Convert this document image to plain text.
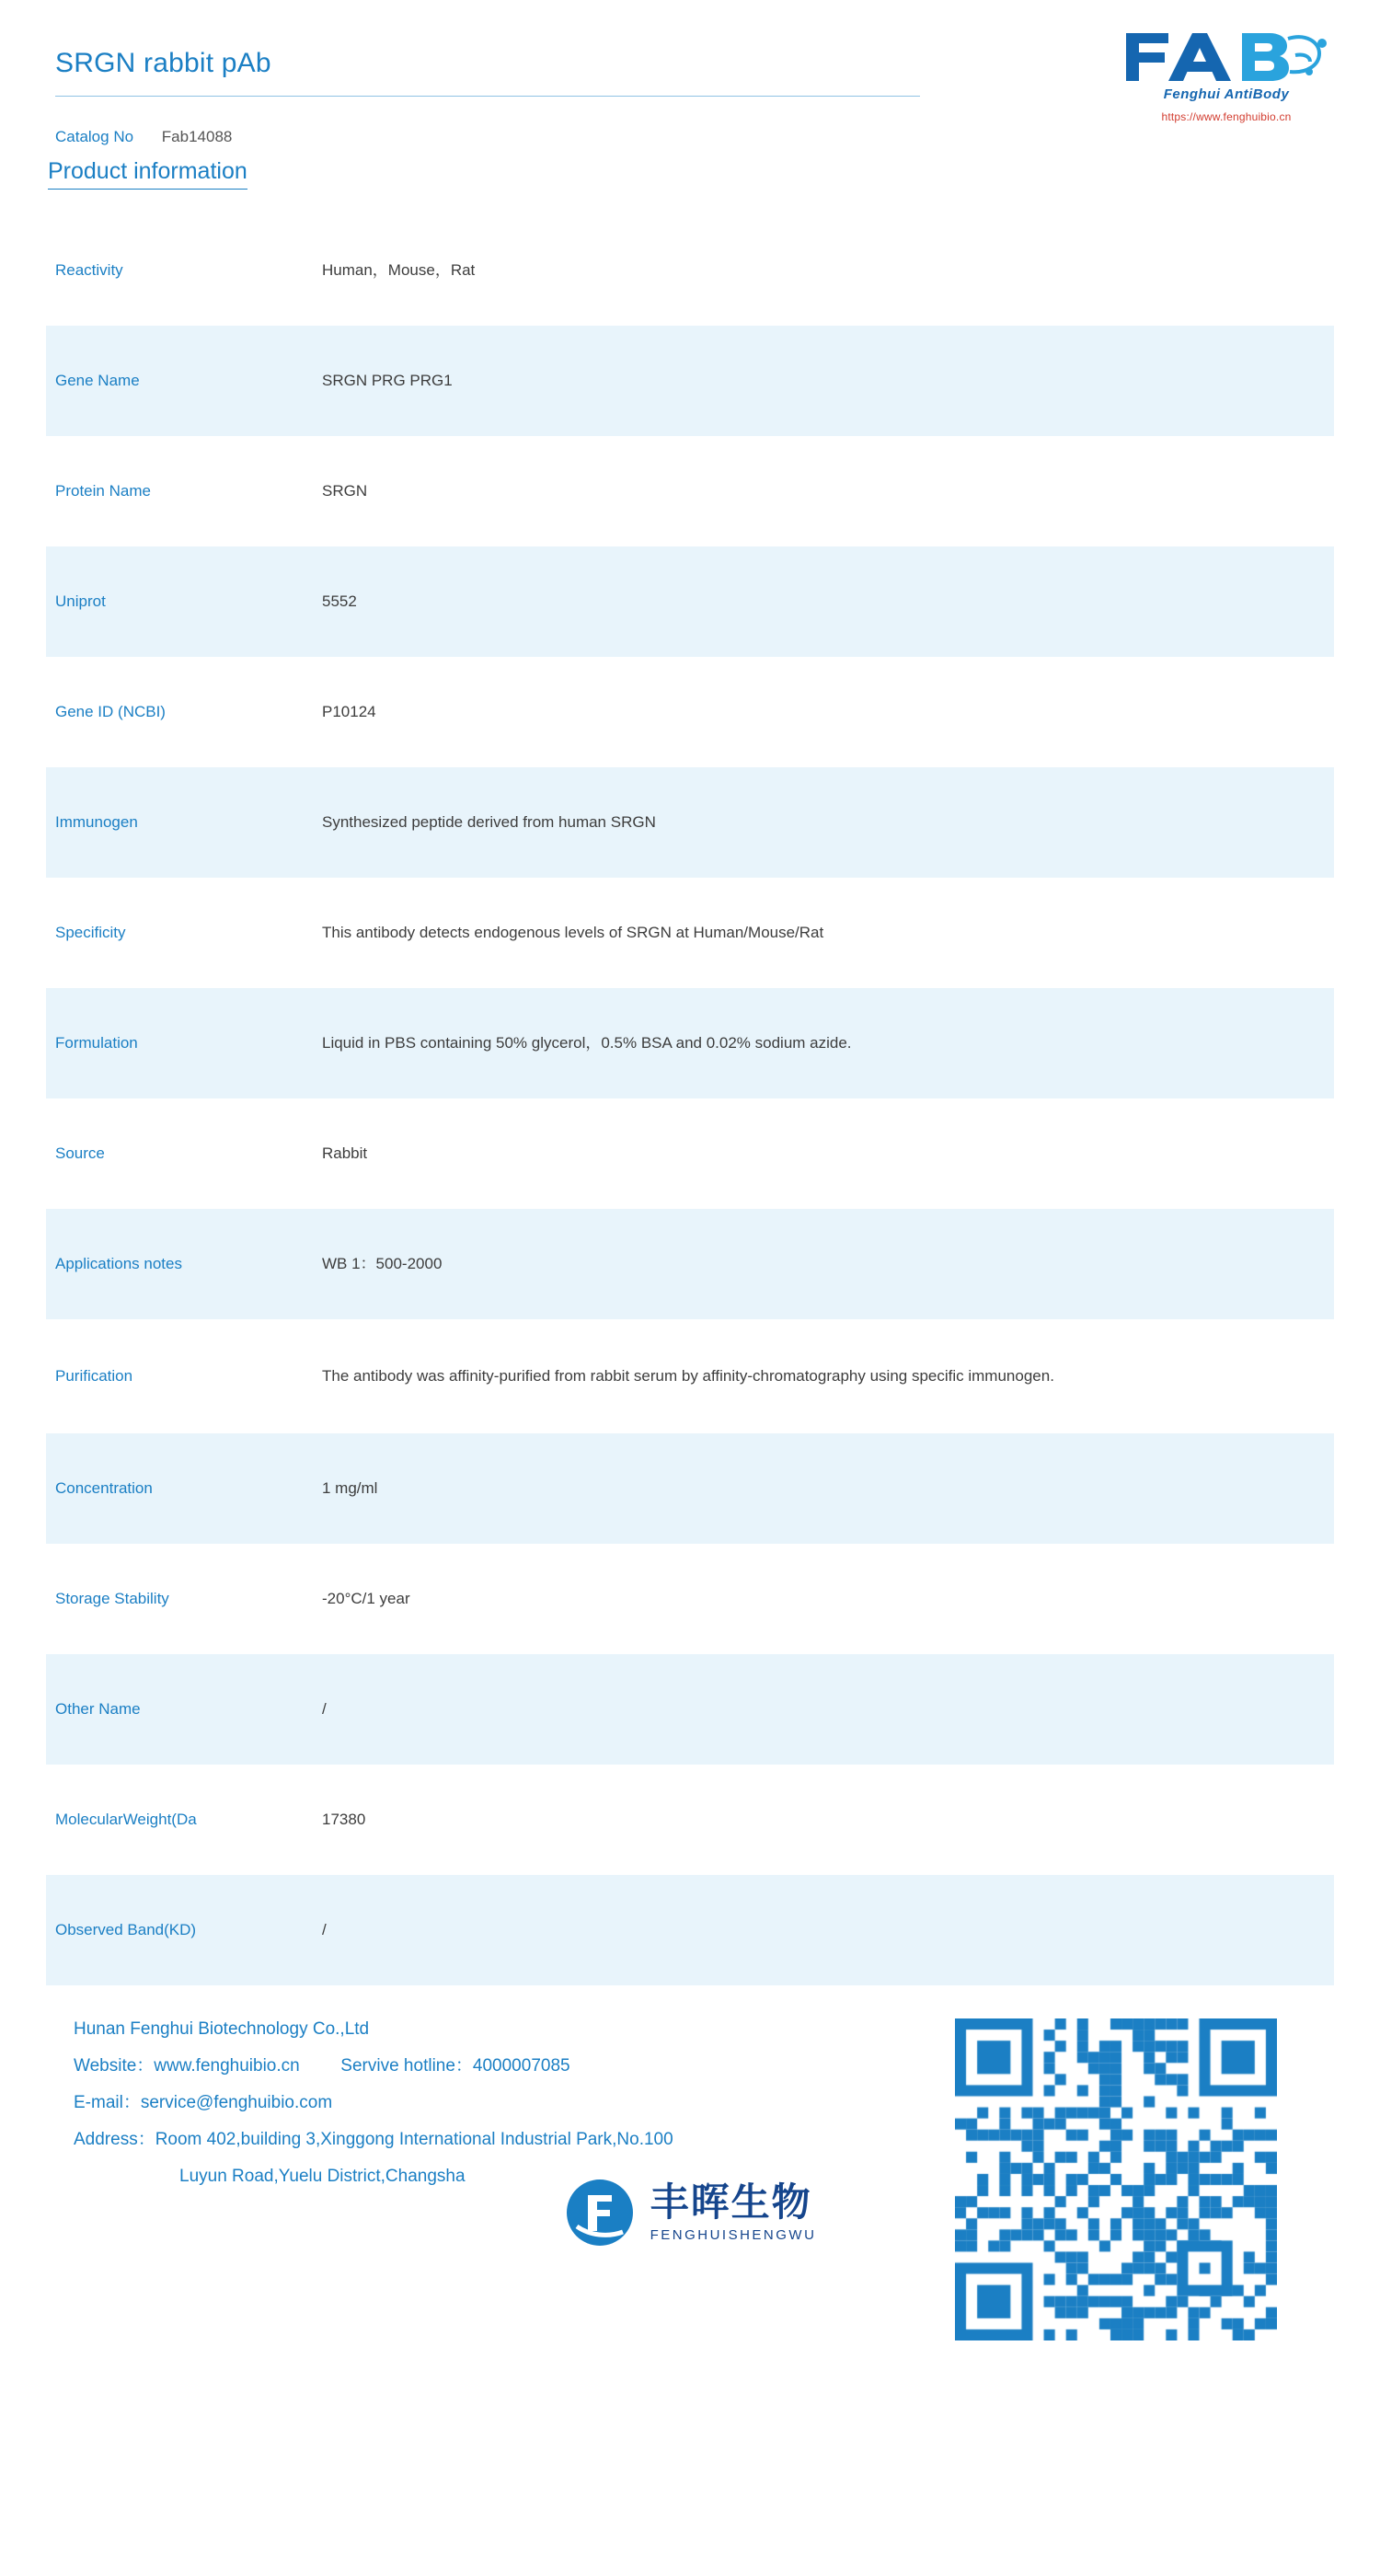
SRGN rabbit pAb
Catalog No Fab14088
Fenghui AntiBody
https://www.fenghuibio.cn
Product information
Reactivity	Human，Mouse，Rat
Gene Name	SRGN PRG PRG1
Protein Name	SRGN
Uniprot	5552
Gene ID (NCBI)	P10124
Immunogen	Synthesized peptide derived from human SRGN
Specificity	This antibody detects endogenous levels of SRGN at Human/Mouse/Rat
Formulation	Liquid in PBS containing 50% glycerol，0.5% BSA and 0.02% sodium azide.
Source	Rabbit
Applications notes	WB 1：500-2000
Purification	The antibody was affinity-purified from rabbit serum by affinity-chromatography using specific immunogen.
Concentration	1 mg/ml
Storage Stability	-20°C/1 year
Other Name	/
MolecularWeight(Da	17380
Observed Band(KD)	/
Hunan Fenghui Biotechnology Co.,Ltd
Website：www.fenghuibio.cn Servive hotline：4000007085
E-mail：service@fenghuibio.com
Address：Room 402,building 3,Xinggong International Industrial Park,No.100
Luyun Road,Yuelu District,Changsha
丰晖生物
FENGHUISHENGWU
